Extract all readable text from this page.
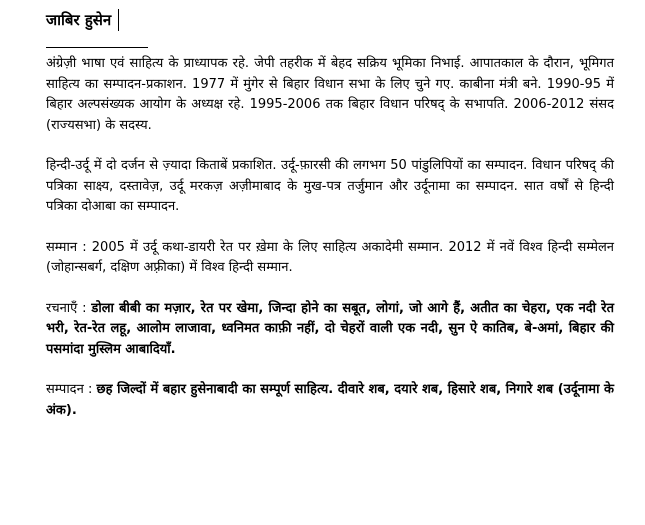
जाबिर हुसेन

अंग्रेज़ी भाषा एवं साहित्य के प्राध्यापक रहे. जेपी तहरीक में बेहद सक्रिय भूमिका निभाई. आपातकाल के दौरान, भूमिगत साहित्य का सम्पादन-प्रकाशन. 1977 में मुंगेर से बिहार विधान सभा के लिए चुने गए. काबीना मंत्री बने. 1990-95 में बिहार अल्पसंख्यक आयोग के अध्यक्ष रहे. 1995-2006 तक बिहार विधान परिषद् के सभापति. 2006-2012 संसद (राज्यसभा) के सदस्य.

हिन्दी-उर्दू में दो दर्जन से ज़्यादा किताबें प्रकाशित. उर्दू-फ़ारसी की लगभग 50 पांडुलिपियों का सम्पादन. विधान परिषद् की पत्रिका साक्ष्य, दस्तावेज़, उर्दू मरकज़ अज़ीमाबाद के मुख-पत्र तर्जुमान और उर्दूनामा का सम्पादन. सात वर्षों से हिन्दी पत्रिका दोआबा का सम्पादन.

सम्मान : 2005 में उर्दू कथा-डायरी रेत पर ख़ेमा के लिए साहित्य अकादेमी सम्मान. 2012 में नवें विश्व हिन्दी सम्मेलन (जोहान्सबर्ग, दक्षिण अफ़्रीका) में विश्व हिन्दी सम्मान.

रचनाएँ : डोला बीबी का मज़ार, रेत पर खेमा, जिन्दा होने का सबूत, लोगां, जो आगे हैं, अतीत का चेहरा, एक नदी रेत भरी, रेत-रेत लहू, आलोम लाजावा, ध्वनिमत काफ़ी नहीं, दो चेहरों वाली एक नदी, सुन ऐ कातिब, बे-अमां, बिहार की पसमांदा मुस्लिम आबादियाँ.

सम्पादन : छह जिल्दों में बहार हुसेनाबादी का सम्पूर्ण साहित्य. दीवारे शब, दयारे शब, हिसारे शब, निगारे शब (उर्दूनामा के अंक).
